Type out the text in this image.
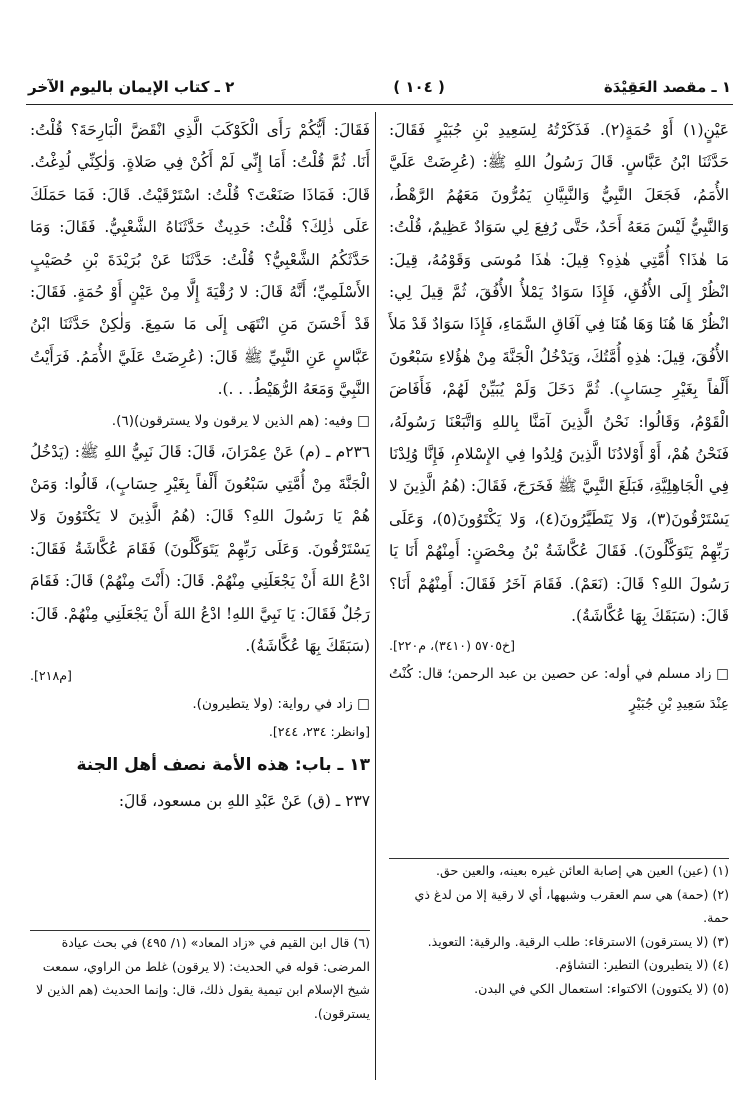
١ ـ مقصد العَقِيْدَة
( ١٠٤ )
٢ ـ كتاب الإيمان باليوم الآخر

عَيْنٍ(١) أَوْ حُمَةٍ(٢). فَذَكَرْتُهُ لِسَعِيدِ بْنِ جُبَيْرٍ فَقَالَ: حَدَّثَنَا ابْنُ عَبَّاسٍ. قَالَ رَسُولُ اللهِ ﷺ: (عُرِضَتْ عَلَيَّ الأُمَمُ، فَجَعَلَ النَّبِيُّ وَالنَّبِيَّانِ يَمُرُّونَ مَعَهُمُ الرَّهْطُ، وَالنَّبِيُّ لَيْسَ مَعَهُ أَحَدٌ، حَتَّى رُفِعَ لِي سَوَادٌ عَظِيمٌ، قُلْتُ: مَا هٰذَا؟ أُمَّتِي هٰذِهِ؟ قِيلَ: هٰذَا مُوسَى وَقَوْمُهُ، قِيلَ: انْظُرْ إِلَى الأُفُقِ، فَإِذَا سَوَادٌ يَمْلأُ الأُفُقَ، ثُمَّ قِيلَ لِي: انْظُرْ هَا هُنَا وَهَا هُنَا فِي آفَاقِ السَّمَاءِ، فَإِذَا سَوَادٌ قَدْ مَلأَ الأُفُقَ، قِيلَ: هٰذِهِ أُمَّتُكَ، وَيَدْخُلُ الْجَنَّةَ مِنْ هٰؤُلاءِ سَبْعُونَ أَلْفاً بِغَيْرِ حِسَابٍ). ثُمَّ دَخَلَ وَلَمْ يُبَيِّنْ لَهُمْ، فَأَفَاضَ الْقَوْمُ، وَقَالُوا: نَحْنُ الَّذِينَ آمَنَّا بِاللهِ وَاتَّبَعْنَا رَسُولَهُ، فَنَحْنُ هُمْ، أَوْ أَوْلادُنَا الَّذِينَ وُلِدُوا فِي الإِسْلامِ، فَإِنَّا وُلِدْنَا فِي الْجَاهِلِيَّةِ، فَبَلَغَ النَّبِيَّ ﷺ فَخَرَجَ، فَقَالَ: (هُمُ الَّذِينَ لا يَسْتَرْقُونَ(٣)، وَلا يَتَطَيَّرُونَ(٤)، وَلا يَكْتَوُونَ(٥)، وَعَلَى رَبِّهِمْ يَتَوَكَّلُونَ). فَقَالَ عُكَّاشَةُ بْنُ مِحْصَنٍ: أَمِنْهُمْ أَنَا يَا رَسُولَ اللهِ؟ قَالَ: (نَعَمْ). فَقَامَ آخَرُ فَقَالَ: أَمِنْهُمْ أَنَا؟ قَالَ: (سَبَقَكَ بِهَا عُكَّاشَةُ).

[خ٥٧٠٥ (٣٤١٠)، م٢٢٠].

□ زاد مسلم في أوله: عن حصين بن عبد الرحمن؛ قال: كُنْتُ عِنْدَ سَعِيدِ بْنِ جُبَيْرٍ

فَقَالَ: أَيُّكُمْ رَأَى الْكَوْكَبَ الَّذِي انْقَضَّ الْبَارِحَةَ؟ قُلْتُ: أَنَا. ثُمَّ قُلْتُ: أَمَا إِنِّي لَمْ أَكُنْ فِي صَلاةٍ. وَلٰكِنِّي لُدِغْتُ. قَالَ: فَمَاذَا صَنَعْتَ؟ قُلْتُ: اسْتَرْقَيْتُ. قَالَ: فَمَا حَمَلَكَ عَلَى ذٰلِكَ؟ قُلْتُ: حَدِيثٌ حَدَّثَنَاهُ الشَّعْبِيُّ. فَقَالَ: وَمَا حَدَّثَكُمُ الشَّعْبِيُّ؟ قُلْتُ: حَدَّثَنَا عَنْ بُرَيْدَةَ بْنِ حُصَيْبٍ الأَسْلَمِيِّ؛ أَنَّهُ قَالَ: لا رُقْيَةَ إِلَّا مِنْ عَيْنٍ أَوْ حُمَةٍ. فَقَالَ: قَدْ أَحْسَنَ مَنِ انْتَهَى إِلَى مَا سَمِعَ. وَلٰكِنْ حَدَّثَنَا ابْنُ عَبَّاسٍ عَنِ النَّبِيِّ ﷺ قَالَ: (عُرِضَتْ عَلَيَّ الأُمَمُ. فَرَأَيْتُ النَّبِيَّ وَمَعَهُ الرُّهَيْطُ. . .).

□ وفيه: (هم الذين لا يرقون ولا يسترقون)(٦).

٢٣٦م ـ (م) عَنْ عِمْرَانَ، قَالَ: قَالَ نَبِيُّ اللهِ ﷺ: (يَدْخُلُ الْجَنَّةَ مِنْ أُمَّتِي سَبْعُونَ أَلْفاً بِغَيْرِ حِسَابٍ)، قَالُوا: وَمَنْ هُمْ يَا رَسُولَ اللهِ؟ قَالَ: (هُمُ الَّذِينَ لا يَكْتَوُونَ وَلا يَسْتَرْقُونَ. وَعَلَى رَبِّهِمْ يَتَوَكَّلُونَ) فَقَامَ عُكَّاشَةُ فَقَالَ: ادْعُ اللهَ أَنْ يَجْعَلَنِي مِنْهُمْ. قَالَ: (أَنْتَ مِنْهُمْ) قَالَ: فَقَامَ رَجُلٌ فَقَالَ: يَا نَبِيَّ اللهِ! ادْعُ اللهَ أَنْ يَجْعَلَنِي مِنْهُمْ. قَالَ: (سَبَقَكَ بِهَا عُكَّاشَةُ).

[م٢١٨].

□ زاد في رواية: (ولا يتطيرون).

[وانظر: ٢٣٤، ٢٤٤].

١٣ ـ باب: هذه الأمة نصف أهل الجنة

٢٣٧ ـ (ق) عَنْ عَبْدِ اللهِ بن مسعود، قَالَ:

(١) (عين) العين هي إصابة العائن غيره بعينه، والعين حق.

(٢) (حمة) هي سم العقرب وشبهها، أي لا رقية إلا من لدغ ذي حمة.

(٣) (لا يسترقون) الاسترقاء: طلب الرقية. والرقية: التعويذ.

(٤) (لا يتطيرون) التطير: التشاؤم.

(٥) (لا يكتوون) الاكتواء: استعمال الكي في البدن.

(٦) قال ابن القيم في «زاد المعاد» (١/ ٤٩٥) في بحث عيادة المرضى: قوله في الحديث: (لا يرقون) غلط من الراوي، سمعت شيخ الإسلام ابن تيمية يقول ذلك، قال: وإنما الحديث (هم الذين لا يسترقون).
